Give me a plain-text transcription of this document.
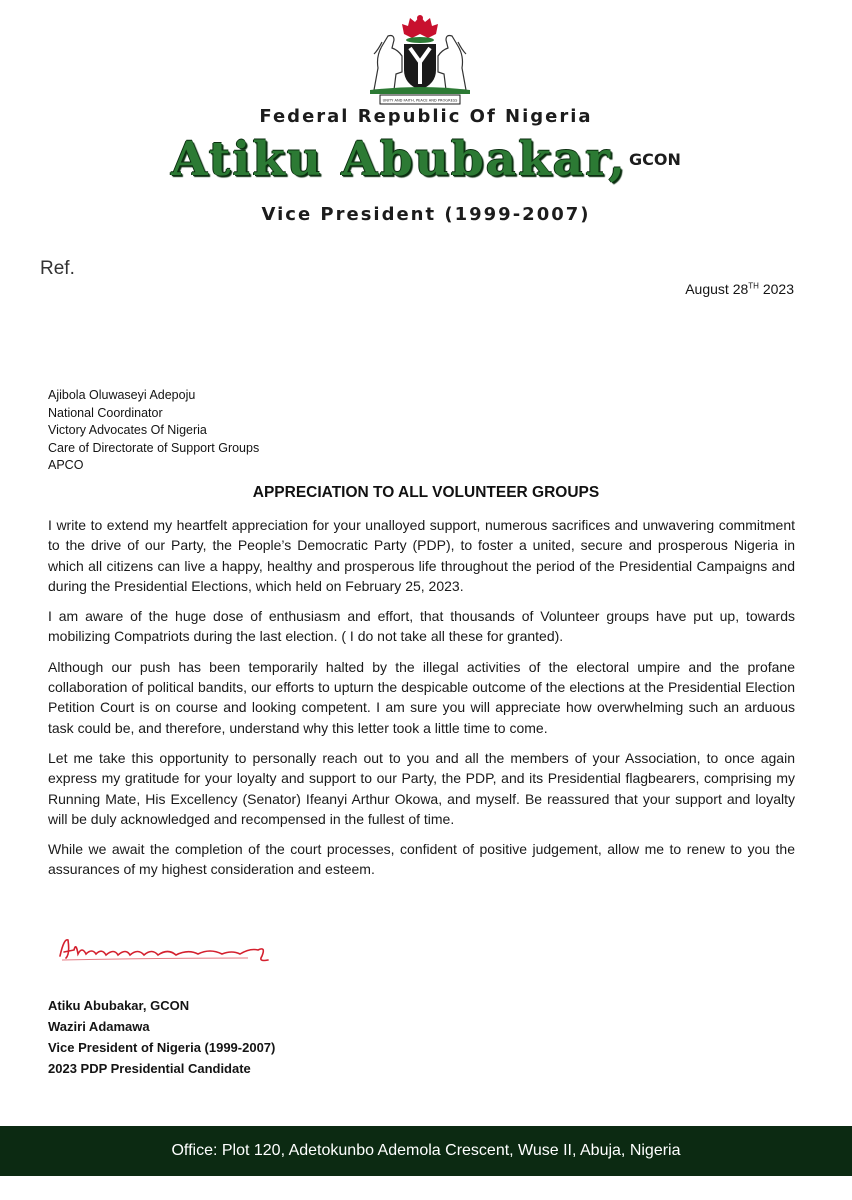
UNITY AND FAITH, PEACE AND PROGRESS
Federal Republic Of Nigeria
Atiku Abubakar, GCON
Vice President (1999-2007)
Ref.
August 28TH 2023
Ajibola Oluwaseyi Adepoju
National Coordinator
Victory Advocates Of Nigeria
Care of Directorate of Support Groups
APCO
APPRECIATION TO ALL VOLUNTEER GROUPS

I write to extend my heartfelt appreciation for your unalloyed support, numerous sacrifices and unwavering commitment to the drive of our Party, the People’s Democratic Party (PDP), to foster a united, secure and prosperous Nigeria in which all citizens can live a happy, healthy and prosperous life throughout the period of the Presidential Campaigns and during the Presidential Elections, which held on February 25, 2023.

I am aware of the huge dose of enthusiasm and effort, that thousands of Volunteer groups have put up, towards mobilizing Compatriots during the last election. ( I do not take all these for granted).

Although our push has been temporarily halted by the illegal activities of the electoral umpire and the profane collaboration of political bandits, our efforts to upturn the despicable outcome of the elections at the Presidential Election Petition Court is on course and looking competent. I am sure you will appreciate how overwhelming such an arduous task could be, and therefore, understand why this letter took a little time to come.

Let me take this opportunity to personally reach out to you and all the members of your Association, to once again express my gratitude for your loyalty and support to our Party, the PDP, and its Presidential flagbearers, comprising my Running Mate, His Excellency (Senator) Ifeanyi Arthur Okowa, and myself. Be reassured that your support and loyalty will be duly acknowledged and recompensed in the fullest of time.

While we await the completion of the court processes, confident of positive judgement, allow me to renew to you the assurances of my highest consideration and esteem.

Atiku Abubakar, GCON
Waziri Adamawa
Vice President of Nigeria (1999-2007)
2023 PDP Presidential Candidate
Office: Plot 120, Adetokunbo Ademola Crescent, Wuse II, Abuja, Nigeria
